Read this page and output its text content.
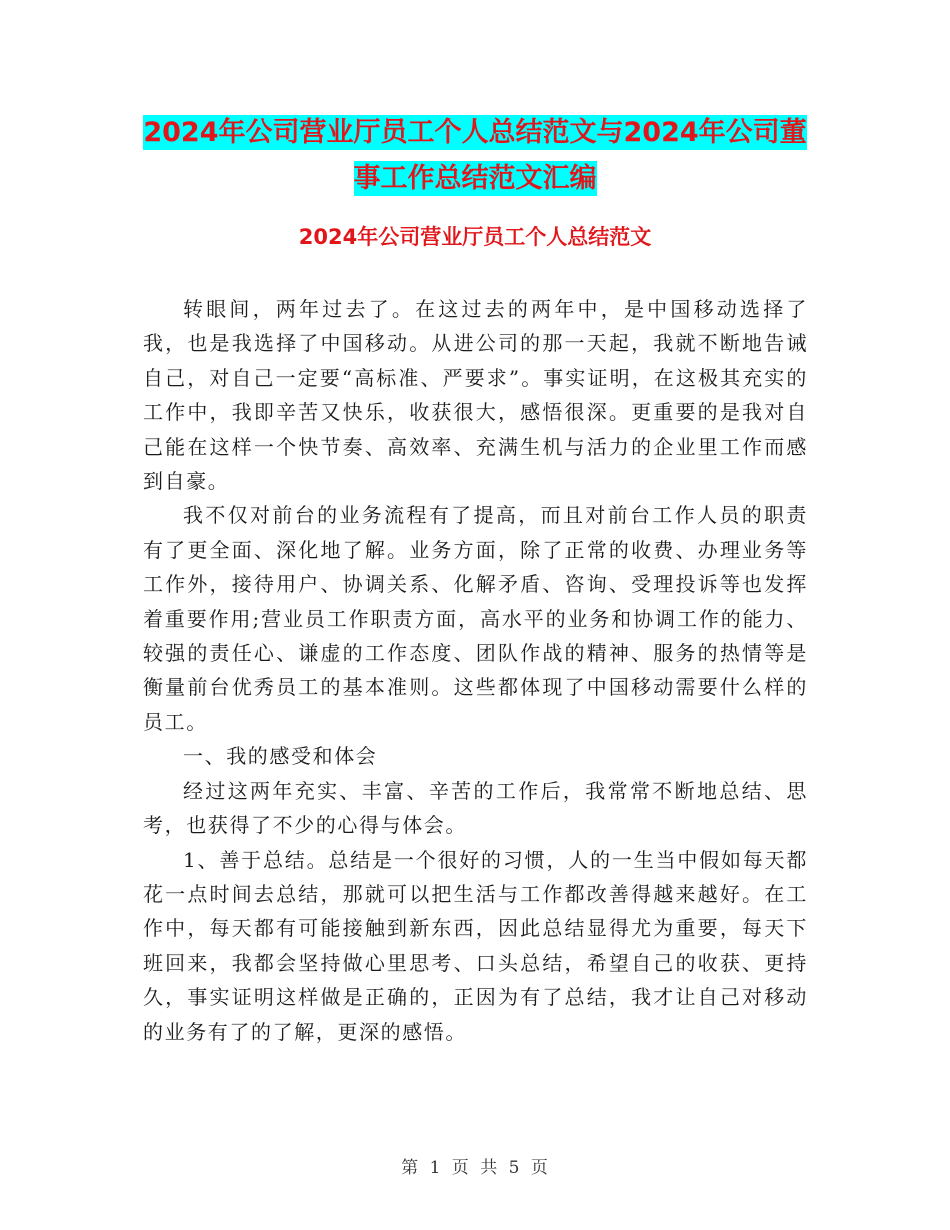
2024年公司营业厅员工个人总结范文与2024年公司董事工作总结范文汇编
2024年公司营业厅员工个人总结范文

转眼间，两年过去了。在这过去的两年中，是中国移动选择了我，也是我选择了中国移动。从进公司的那一天起，我就不断地告诫自己，对自己一定要“高标准、严要求”。事实证明，在这极其充实的工作中，我即辛苦又快乐，收获很大，感悟很深。更重要的是我对自己能在这样一个快节奏、高效率、充满生机与活力的企业里工作而感到自豪。

我不仅对前台的业务流程有了提高，而且对前台工作人员的职责有了更全面、深化地了解。业务方面，除了正常的收费、办理业务等工作外，接待用户、协调关系、化解矛盾、咨询、受理投诉等也发挥着重要作用;营业员工作职责方面，高水平的业务和协调工作的能力、较强的责任心、谦虚的工作态度、团队作战的精神、服务的热情等是衡量前台优秀员工的基本准则。这些都体现了中国移动需要什么样的员工。

一、我的感受和体会

经过这两年充实、丰富、辛苦的工作后，我常常不断地总结、思考，也获得了不少的心得与体会。

1、善于总结。总结是一个很好的习惯，人的一生当中假如每天都花一点时间去总结，那就可以把生活与工作都改善得越来越好。在工作中，每天都有可能接触到新东西，因此总结显得尤为重要，每天下班回来，我都会坚持做心里思考、口头总结，希望自己的收获、更持久，事实证明这样做是正确的，正因为有了总结，我才让自己对移动的业务有了的了解，更深的感悟。

第 1 页 共 5 页
